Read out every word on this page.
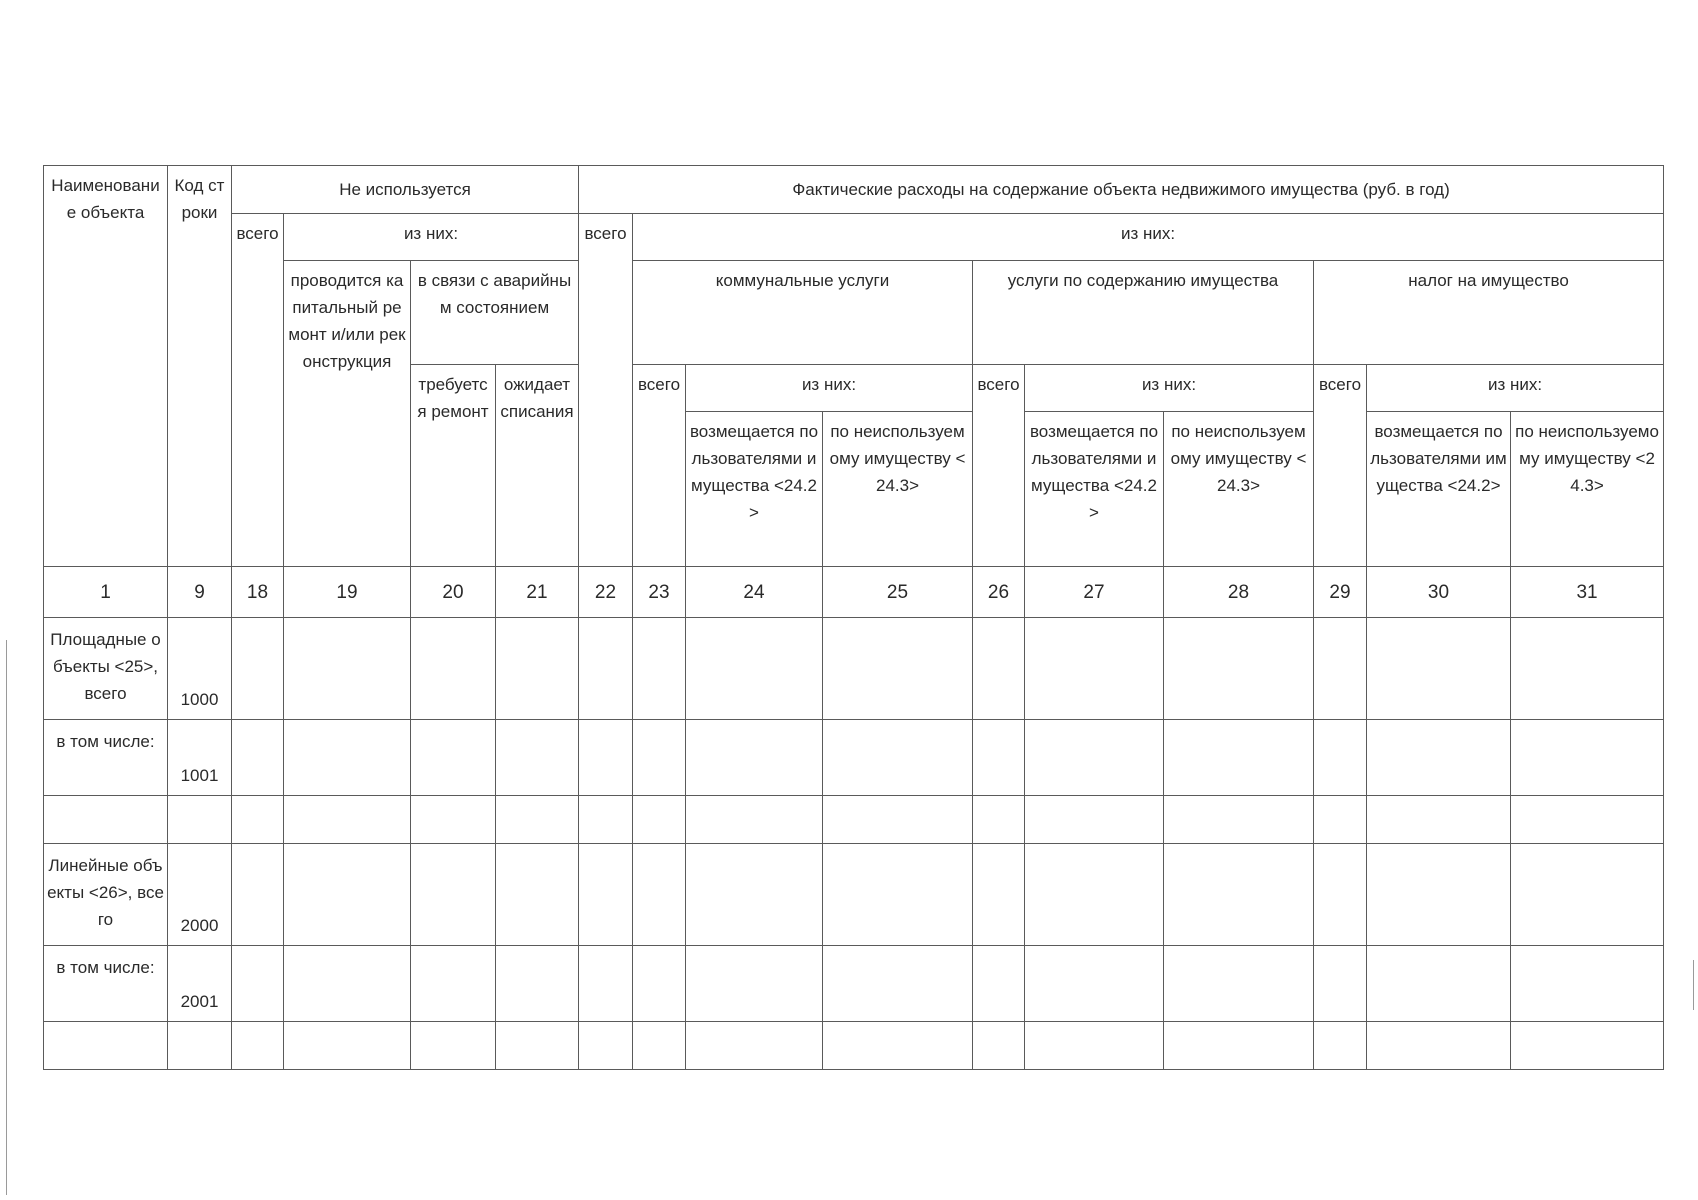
Наименование объекта	Код строки	Не используется				Фактические расходы на содержание объекта недвижимого имущества (руб. в год)									
		всего	из них:			всего	из них:								
			проводится капитальный ремонт и/или реконструкция	в связи с аварийным состоянием			коммунальные услуги			услуги по содержанию имущества			налог на имущество		
				требуется ремонт	ожидает списания		всего	из них:		всего	из них:		всего	из них:	
								возмещается пользователями имущества <24.2>	по неиспользуемому имуществу <24.3>		возмещается пользователями имущества <24.2>	по неиспользуемому имуществу <24.3>		возмещается пользователями имущества <24.2>	по неиспользуемому имуществу <24.3>
1	9	18	19	20	21	22	23	24	25	26	27	28	29	30	31
Площадные объекты <25>, всего	1000														
в том числе:	1001														

Линейные объекты <26>, всего	2000														
в том числе:	2001														
